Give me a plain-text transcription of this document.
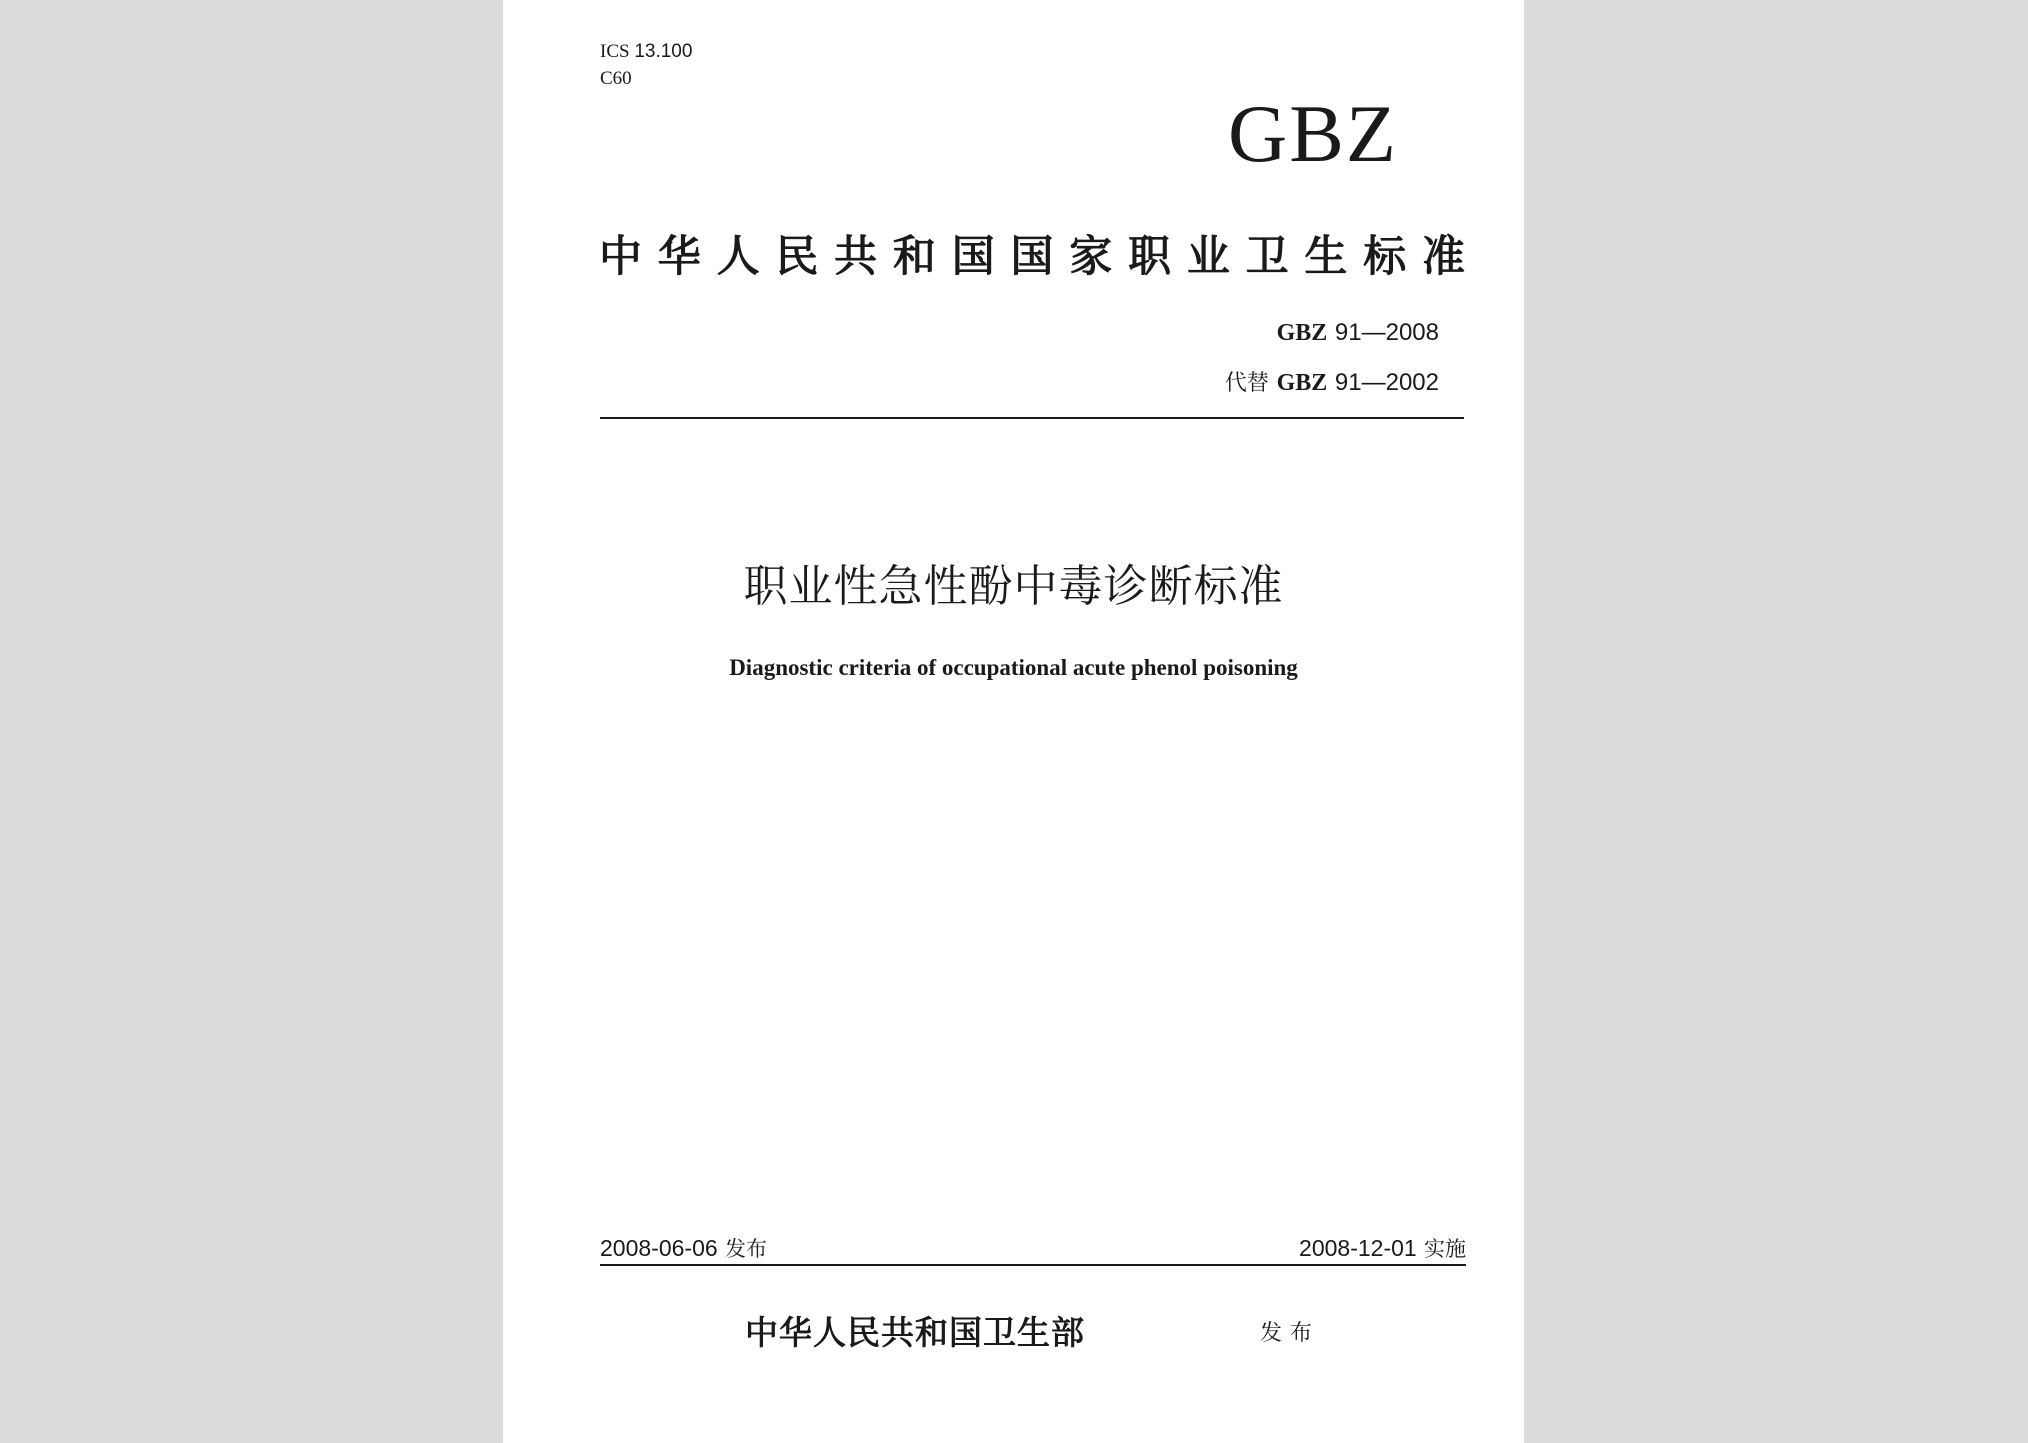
ICS 13.100
C60
GBZ
中华人民共和国国家职业卫生标准
GBZ 91—2008
代替 GBZ 91—2002
职业性急性酚中毒诊断标准
Diagnostic criteria of occupational acute phenol poisoning
2008-06-06 发布	2008-12-01 实施
中华人民共和国卫生部	发布
